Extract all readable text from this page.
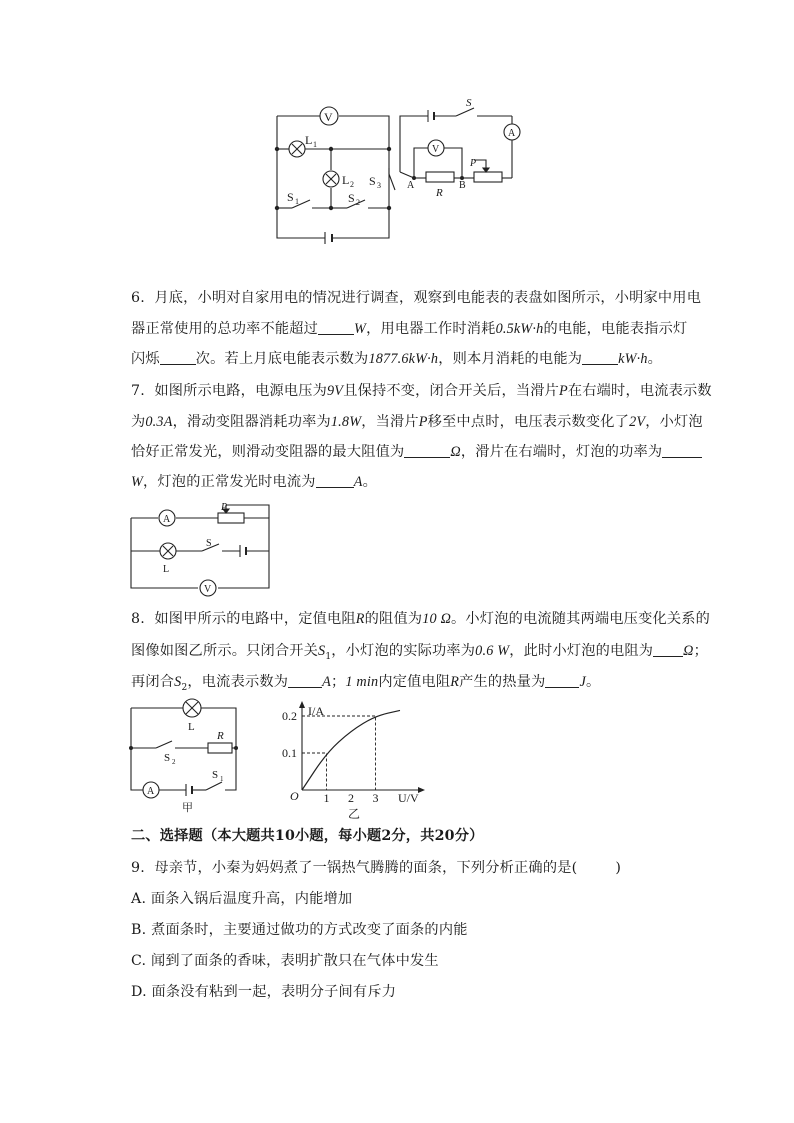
V
L 1
L 2 S 3
S 1	S 2
S
A
V
P
A	B
R
6. 月底，小明对自家用电的情况进行调查，观察到电能表的表盘如图所示，小明家中用电
器正常使用的总功率不能超过	W，用电器工作时消耗0.5kW·h的电能，电能表指示灯
闪烁	次。若上月底电能表示数为1877.6kW·h，则本月消耗的电能为	kW·h。
7. 如图所示电路，电源电压为9V且保持不变，闭合开关后，当滑片P在右端时，电流表示数
为0.3A，滑动变阻器消耗功率为1.8W，当滑片P移至中点时，电压表示数变化了2V，小灯泡
恰好正常发光，则滑动变阻器的最大阻值为	Ω，滑片在右端时，灯泡的功率为
W，灯泡的正常发光时电流为	A。
A
P
S
L
V
8. 如图甲所示的电路中，定值电阻R的阻值为10 Ω。小灯泡的电流随其两端电压变化关系的
图像如图乙所示。只闭合开关$S_1$，小灯泡的实际功率为0.6 W，此时小灯泡的电阻为 Ω；
再闭合$S_2$，电流表示数为 A；1 min内定值电阻R产生的热量为 J。
L
R
S 2
S 1
A
甲
0.2
0.1
1 2 3
I/A
U/V
O
乙
二、选择题（本大题共10小题，每小题2分，共20分）
9. 母亲节，小秦为妈妈煮了一锅热气腾腾的面条，下列分析正确的是(	)
A. 面条入锅后温度升高，内能增加
B. 煮面条时，主要通过做功的方式改变了面条的内能
C. 闻到了面条的香味，表明扩散只在气体中发生
D. 面条没有粘到一起，表明分子间有斥力
